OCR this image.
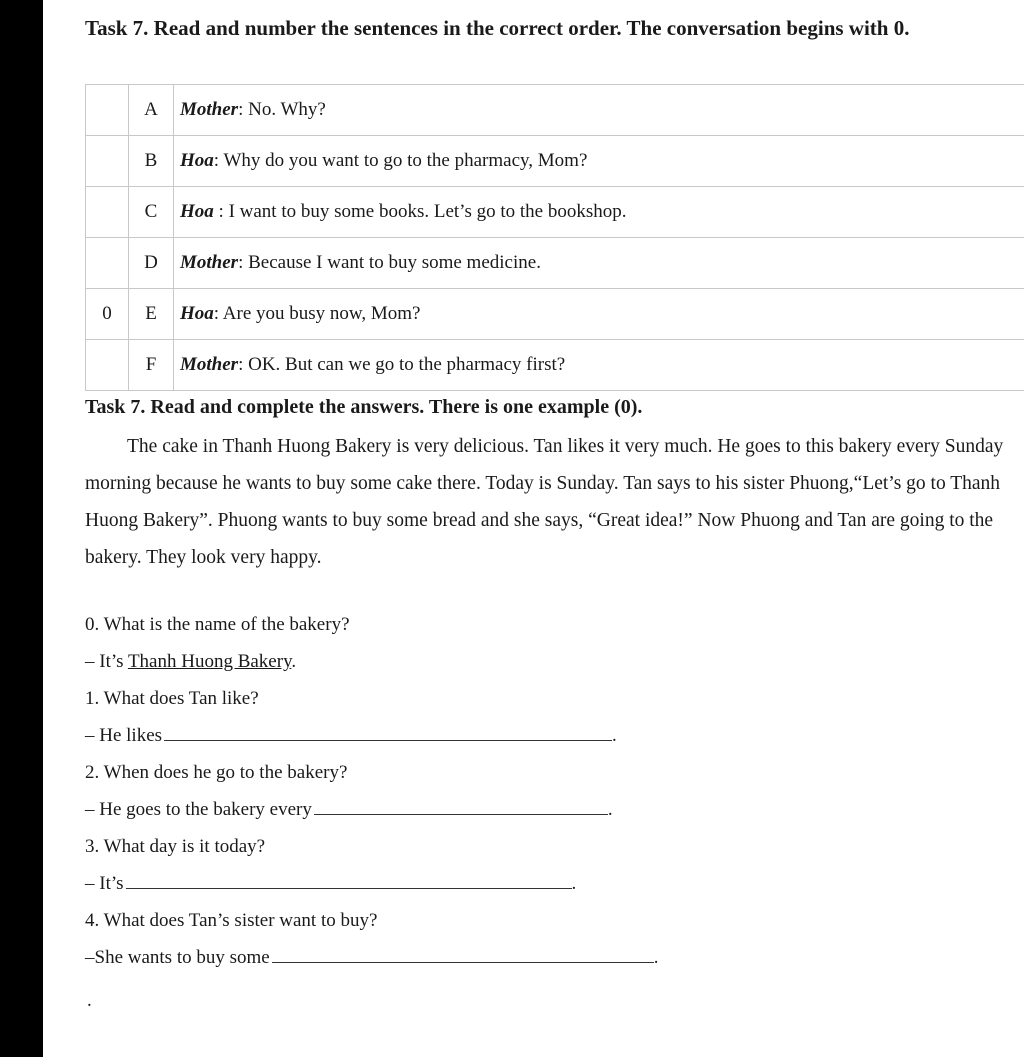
Task 7. Read and number the sentences in the correct order. The conversation begins with 0.
	A	Mother: No. Why?
	B	Hoa: Why do you want to go to the pharmacy, Mom?
	C	Hoa : I want to buy some books. Let’s go to the bookshop.
	D	Mother: Because I want to buy some medicine.
0	E	Hoa: Are you busy now, Mom?
	F	Mother: OK. But can we go to the pharmacy first?
Task 7. Read and complete the answers. There is one example (0).

The cake in Thanh Huong Bakery is very delicious. Tan likes it very much. He goes to this bakery every Sunday morning because he wants to buy some cake there. Today is Sunday. Tan says to his sister Phuong,“Let’s go to Thanh Huong Bakery”. Phuong wants to buy some bread and she says, “Great idea!” Now Phuong and Tan are going to the bakery. They look very happy.

0. What is the name of the bakery?
– It’s Thanh Huong Bakery.
1. What does Tan like?
– He likes	.
2. When does he go to the bakery?
– He goes to the bakery every	.
3. What day is it today?
– It’s	.
4. What does Tan’s sister want to buy?
–She wants to buy some	.
.
